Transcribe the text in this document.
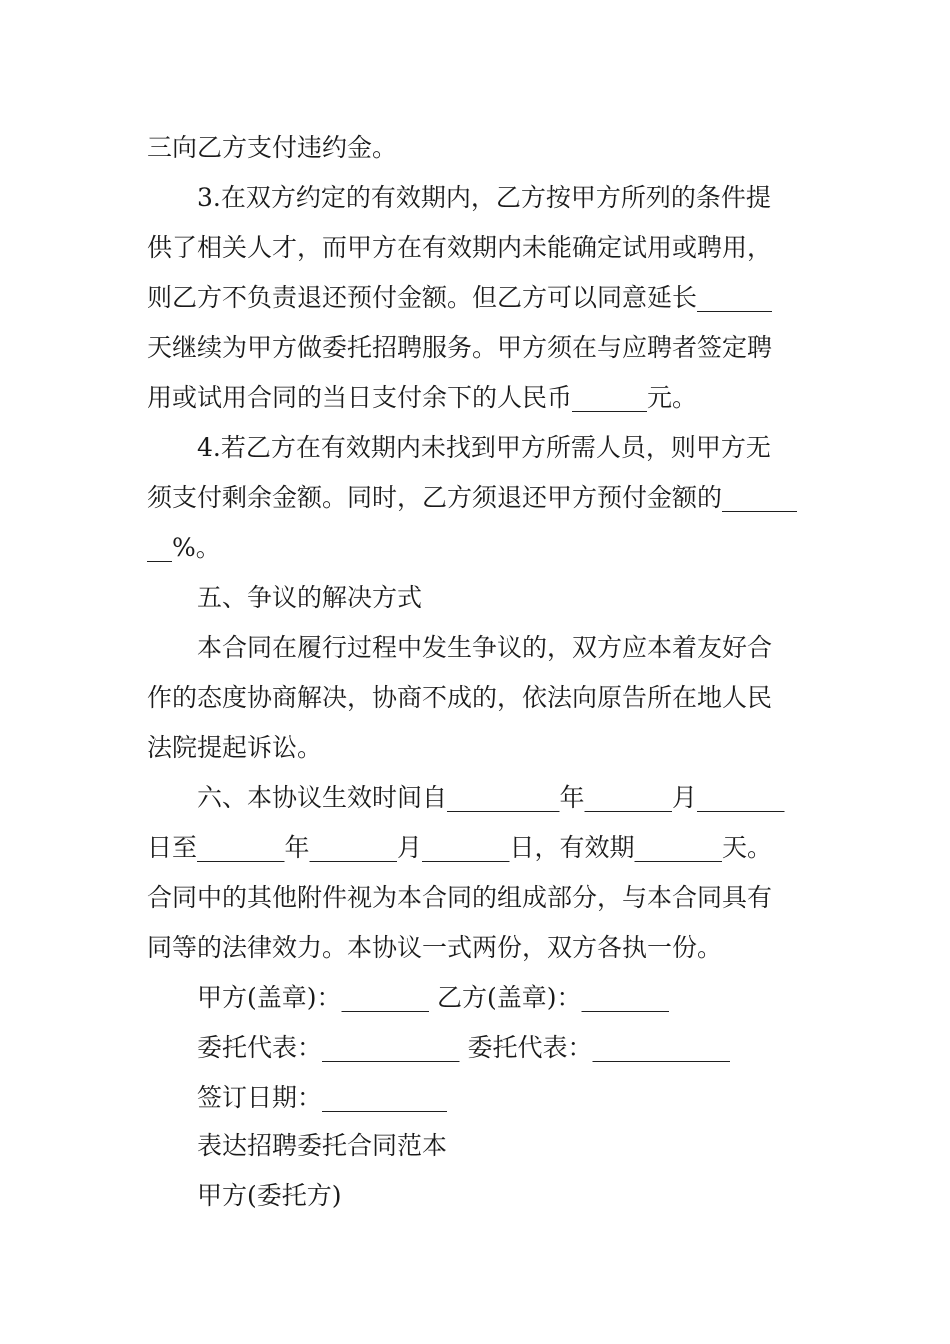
三向乙方支付违约金。
3.在双方约定的有效期内，乙方按甲方所列的条件提
供了相关人才，而甲方在有效期内未能确定试用或聘用，
则乙方不负责退还预付金额。但乙方可以同意延长______
天继续为甲方做委托招聘服务。甲方须在与应聘者签定聘
用或试用合同的当日支付余下的人民币______元。
4.若乙方在有效期内未找到甲方所需人员，则甲方无
须支付剩余金额。同时，乙方须退还甲方预付金额的______
__%。
五、争议的解决方式
本合同在履行过程中发生争议的，双方应本着友好合
作的态度协商解决，协商不成的，依法向原告所在地人民
法院提起诉讼。
六、本协议生效时间自_________年_______月_______
日至_______年_______月_______日，有效期_______天。
合同中的其他附件视为本合同的组成部分，与本合同具有
同等的法律效力。本协议一式两份，双方各执一份。
甲方(盖章)：_______ 乙方(盖章)：_______
委托代表：___________ 委托代表：___________
签订日期：__________
表达招聘委托合同范本
甲方(委托方)
